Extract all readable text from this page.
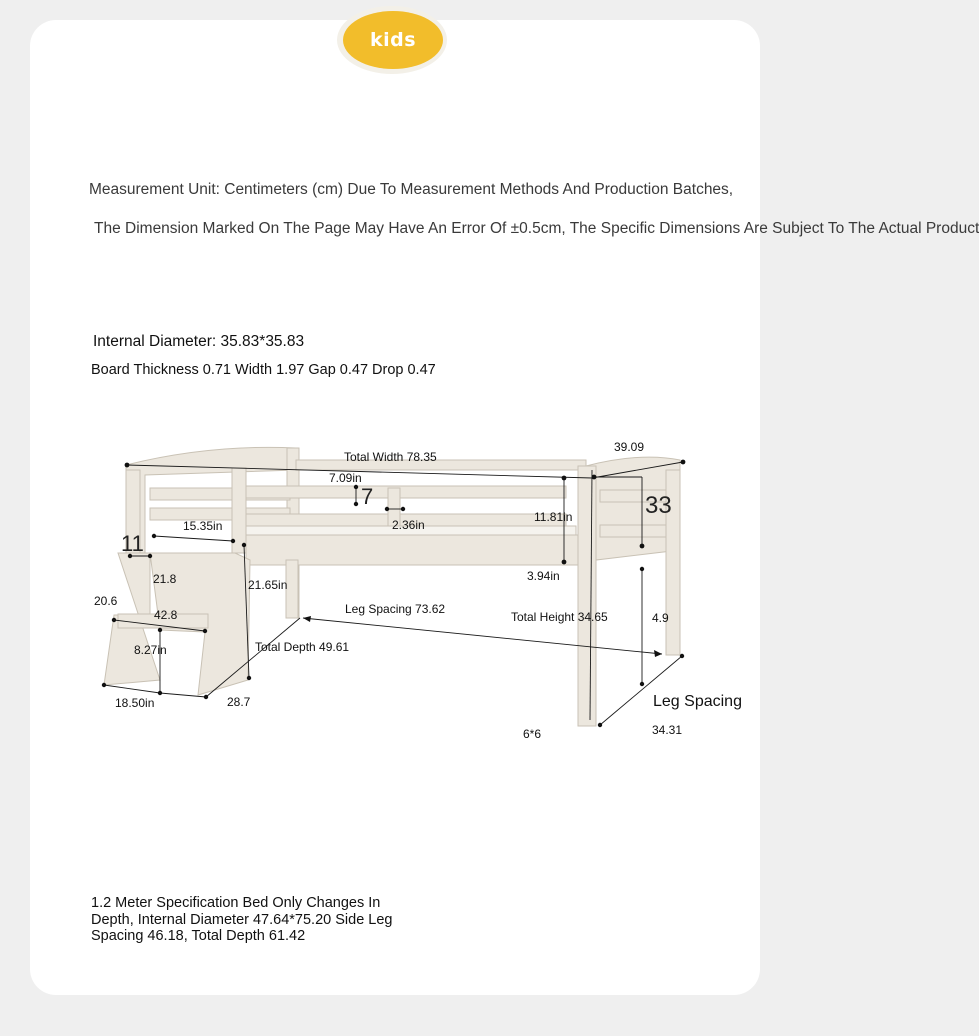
kids
Measurement Unit: Centimeters (cm) Due To Measurement Methods And Production Batches,
The Dimension Marked On The Page May Have An Error Of ±0.5cm, The Specific Dimensions Are Subject To The Actual Product
Internal Diameter: 35.83*35.83
Board Thickness 0.71 Width 1.97 Gap 0.47 Drop 0.47
Total Width 78.35
7.09in
7
39.09
33
11
15.35in	2.36in
11.81in
3.94in
21.8	21.65in
20.6
42.8	Leg Spacing 73.62
Total Height 34.65	4.9
8.27in	Total Depth 49.61
18.50in	28.7	Leg Spacing
6*6	34.31
1.2 Meter Specification Bed Only Changes In Depth, Internal Diameter 47.64*75.20 Side Leg Spacing 46.18, Total Depth 61.42
